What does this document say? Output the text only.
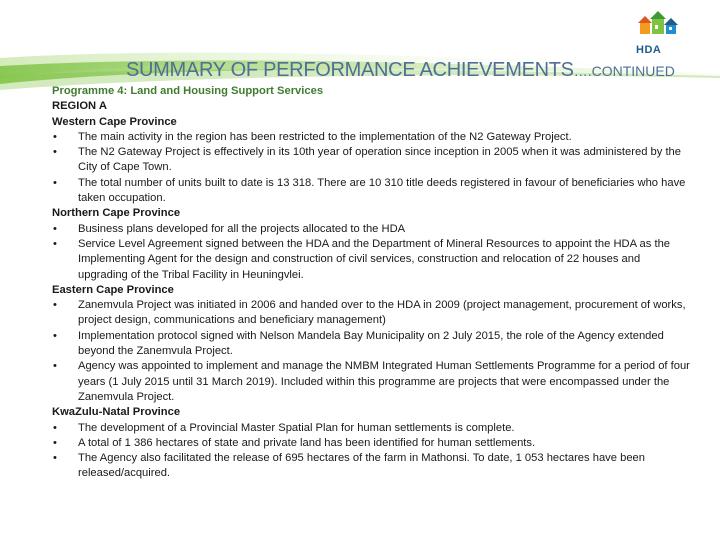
HDA
SUMMARY OF PERFORMANCE ACHIEVEMENTS….CONTINUED
Programme 4: Land and Housing Support Services
REGION A
Western Cape Province
• The main activity in the region has been restricted to the implementation of the N2 Gateway Project.
• The N2 Gateway Project is effectively in its 10th year of operation since inception in 2005 when it was administered by the City of Cape Town.
• The total number of units built to date is 13 318. There are 10 310 title deeds registered in favour of beneficiaries who have taken occupation.
Northern Cape Province
• Business plans developed for all the projects allocated to the HDA
• Service Level Agreement signed between the HDA and the Department of Mineral Resources to appoint the HDA as the Implementing Agent for the design and construction of civil services, construction and relocation of 22 houses and upgrading of the Tribal Facility in Heuningvlei.
Eastern Cape Province
• Zanemvula Project was initiated in 2006 and handed over to the HDA in 2009 (project management, procurement of works, project design, communications and beneficiary management)
• Implementation protocol signed with Nelson Mandela Bay Municipality on 2 July 2015, the role of the Agency extended beyond the Zanemvula Project.
• Agency was appointed to implement and manage the NMBM Integrated Human Settlements Programme for a period of four years (1 July 2015 until 31 March 2019). Included within this programme are projects that were encompassed under the Zanemvula Project.
KwaZulu-Natal Province
• The development of a Provincial Master Spatial Plan for human settlements is complete.
• A total of 1 386 hectares of state and private land has been identified for human settlements.
• The Agency also facilitated the release of 695 hectares of the farm in Mathonsi. To date, 1 053 hectares have been released/acquired.
